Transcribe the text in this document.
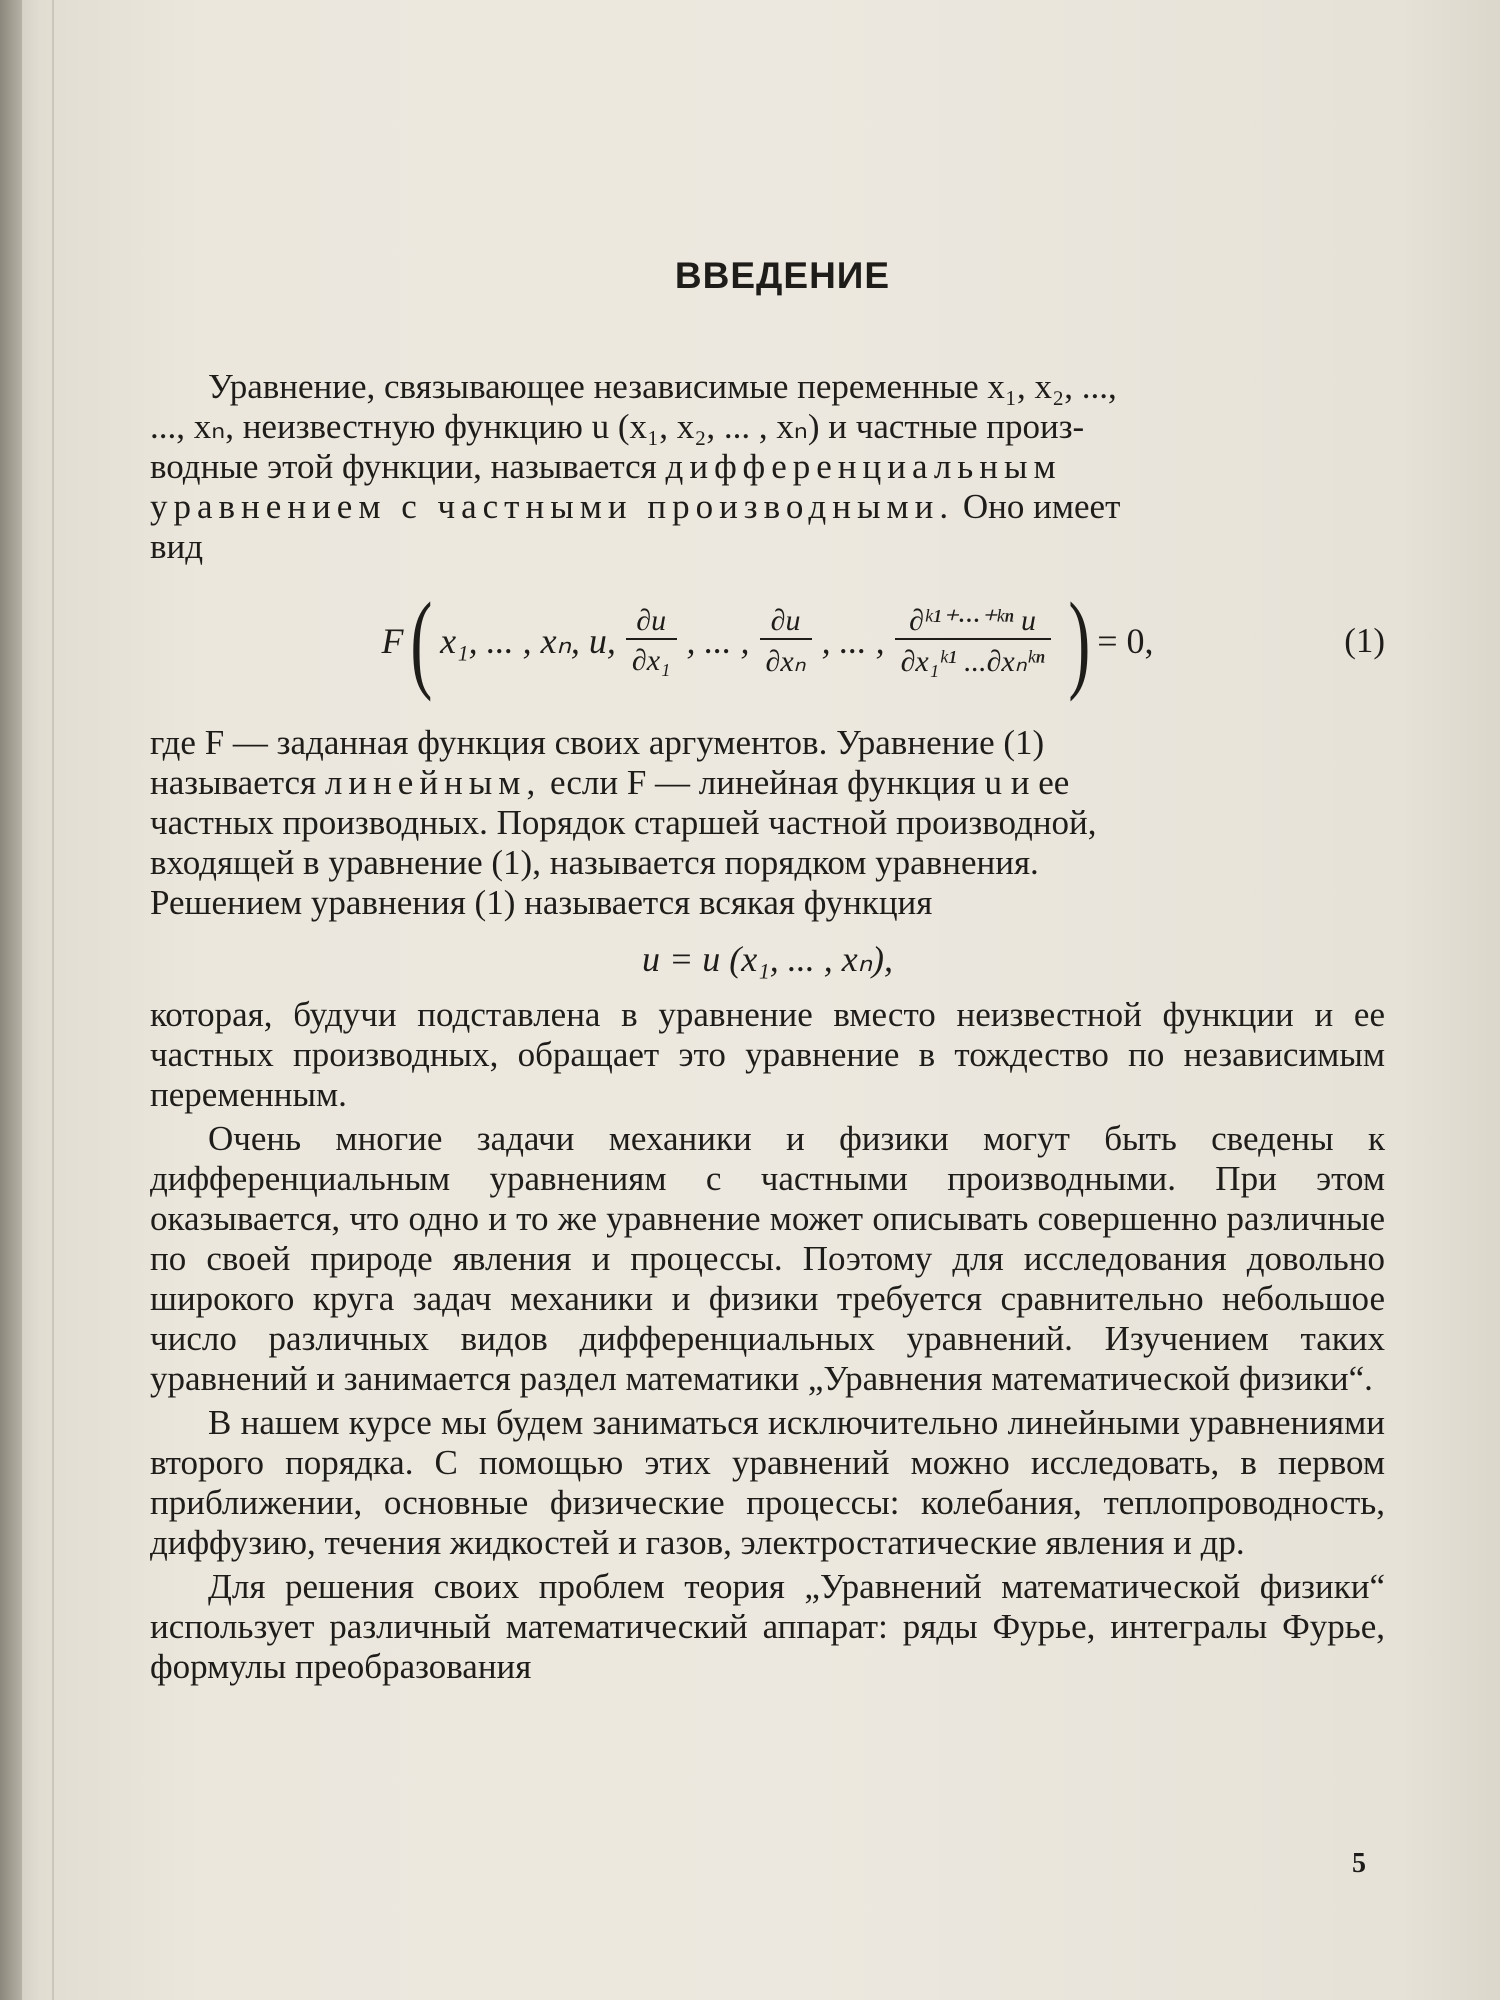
ВВЕДЕНИЕ

Уравнение, связывающее независимые переменные x₁, x₂, ...,
..., xₙ, неизвестную функцию u (x₁, x₂, ... , xₙ) и частные произ-
водные этой функции, называется дифференциальным
уравнением с частными производными. Оно имеет
вид

F ( x₁, ... , xₙ, u, $\frac{\partial u}{\text{∂x₁}}$ , ... , $\frac{\partial u}{\text{∂xₙ}}$ , ... , $\frac{\text{∂ᵏ¹⁺···⁺ᵏⁿ u}}{\text{∂x₁ᵏ¹ ...∂xₙᵏⁿ}}$ ) = 0,	(1)

где F — заданная функция своих аргументов. Уравнение (1)
называется линейным, если F — линейная функция u и ее
частных производных. Порядок старшей частной производной,
входящей в уравнение (1), называется порядком уравнения.
Решением уравнения (1) называется всякая функция

u = u (x₁, ... , xₙ),

которая, будучи подставлена в уравнение вместо неизвестной функции и ее частных производных, обращает это уравнение в тождество по независимым переменным.

Очень многие задачи механики и физики могут быть сведены к дифференциальным уравнениям с частными производными. При этом оказывается, что одно и то же уравнение может описывать совершенно различные по своей природе явления и процессы. Поэтому для исследования довольно широкого круга задач механики и физики требуется сравнительно небольшое число различных видов дифференциальных уравнений. Изучением таких уравнений и занимается раздел математики „Уравнения математической физики“.

В нашем курсе мы будем заниматься исключительно линейными уравнениями второго порядка. С помощью этих уравнений можно исследовать, в первом приближении, основные физические процессы: колебания, теплопроводность, диффузию, течения жидкостей и газов, электростатические явления и др.

Для решения своих проблем теория „Уравнений математической физики“ использует различный математический аппарат: ряды Фурье, интегралы Фурье, формулы преобразования

5
